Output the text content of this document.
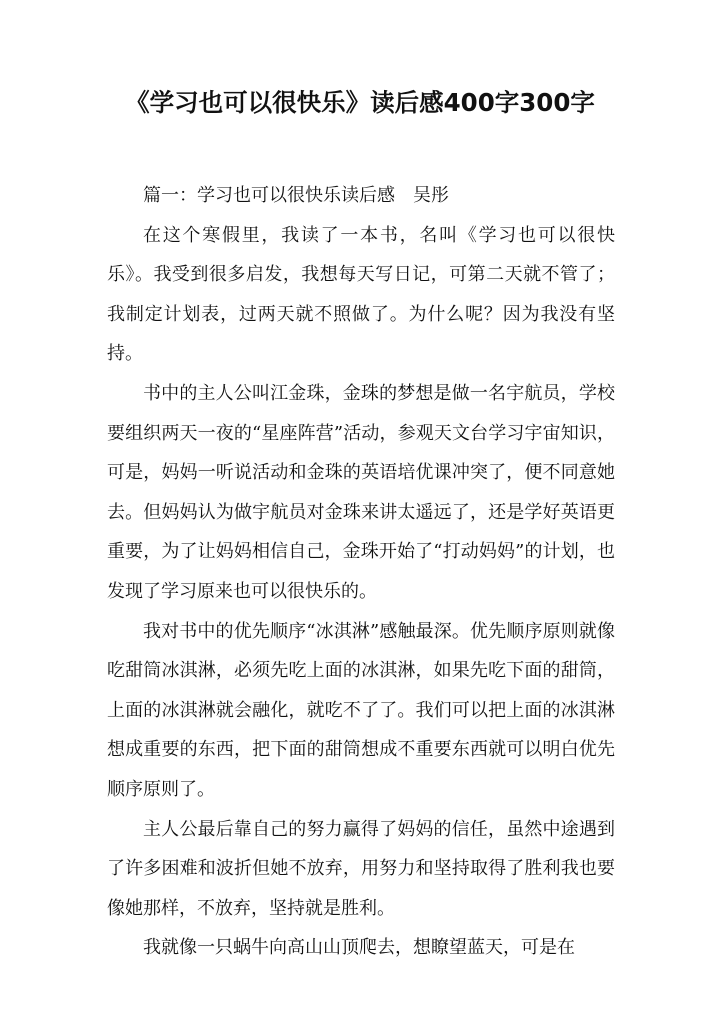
《学习也可以很快乐》读后感400字300字
篇一：学习也可以很快乐读后感 吴彤

在这个寒假里，我读了一本书，名叫《学习也可以很快乐》。我受到很多启发，我想每天写日记，可第二天就不管了；我制定计划表，过两天就不照做了。为什么呢？因为我没有坚持。

书中的主人公叫江金珠，金珠的梦想是做一名宇航员，学校要组织两天一夜的“星座阵营”活动，参观天文台学习宇宙知识，可是，妈妈一听说活动和金珠的英语培优课冲突了，便不同意她去。但妈妈认为做宇航员对金珠来讲太遥远了，还是学好英语更重要，为了让妈妈相信自己，金珠开始了“打动妈妈”的计划，也发现了学习原来也可以很快乐的。

我对书中的优先顺序“冰淇淋”感触最深。优先顺序原则就像吃甜筒冰淇淋，必须先吃上面的冰淇淋，如果先吃下面的甜筒，上面的冰淇淋就会融化，就吃不了了。我们可以把上面的冰淇淋想成重要的东西，把下面的甜筒想成不重要东西就可以明白优先顺序原则了。

主人公最后靠自己的努力赢得了妈妈的信任，虽然中途遇到了许多困难和波折但她不放弃，用努力和坚持取得了胜利我也要像她那样，不放弃，坚持就是胜利。

我就像一只蜗牛向高山山顶爬去，想瞭望蓝天，可是在
